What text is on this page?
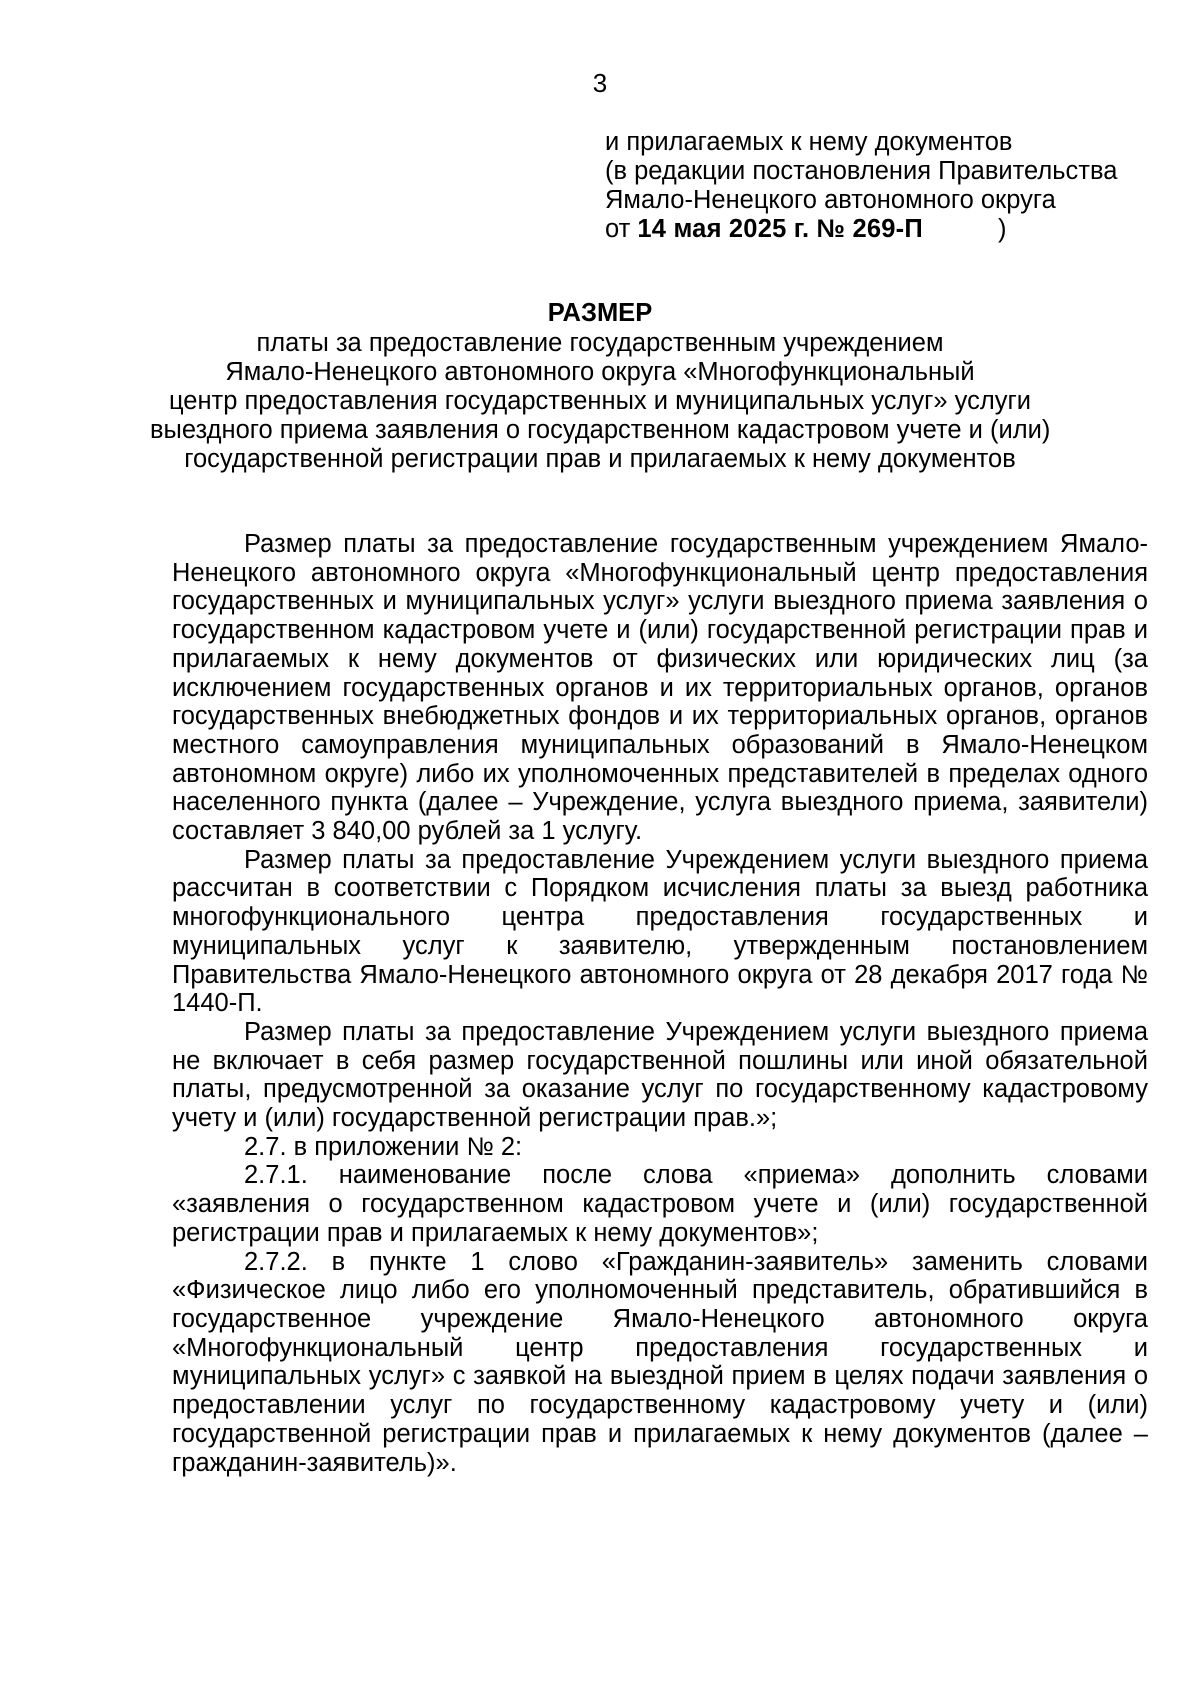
3
и прилагаемых к нему документов
(в редакции постановления Правительства
Ямало-Ненецкого автономного округа
от 14 мая 2025 г. № 269-П	)
РАЗМЕР
платы за предоставление государственным учреждением
Ямало-Ненецкого автономного округа «Многофункциональный
центр предоставления государственных и муниципальных услуг» услуги
выездного приема заявления о государственном кадастровом учете и (или)
государственной регистрации прав и прилагаемых к нему документов

Размер платы за предоставление государственным учреждением Ямало-Ненецкого автономного округа «Многофункциональный центр предоставления государственных и муниципальных услуг» услуги выездного приема заявления о государственном кадастровом учете и (или) государственной регистрации прав и прилагаемых к нему документов от физических или юридических лиц (за исключением государственных органов и их территориальных органов, органов государственных внебюджетных фондов и их территориальных органов, органов местного самоуправления муниципальных образований в Ямало-Ненецком автономном округе) либо их уполномоченных представителей в пределах одного населенного пункта (далее – Учреждение, услуга выездного приема, заявители) составляет 3 840,00 рублей за 1 услугу.

Размер платы за предоставление Учреждением услуги выездного приема рассчитан в соответствии с Порядком исчисления платы за выезд работника многофункционального центра предоставления государственных и муниципальных услуг к заявителю, утвержденным постановлением Правительства Ямало-Ненецкого автономного округа от 28 декабря 2017 года № 1440-П.

Размер платы за предоставление Учреждением услуги выездного приема не включает в себя размер государственной пошлины или иной обязательной платы, предусмотренной за оказание услуг по государственному кадастровому учету и (или) государственной регистрации прав.»;

2.7. в приложении № 2:

2.7.1. наименование после слова «приема» дополнить словами «заявления о государственном кадастровом учете и (или) государственной регистрации прав и прилагаемых к нему документов»;

2.7.2. в пункте 1 слово «Гражданин-заявитель» заменить словами «Физическое лицо либо его уполномоченный представитель, обратившийся в государственное учреждение Ямало-Ненецкого автономного округа «Многофункциональный центр предоставления государственных и муниципальных услуг» с заявкой на выездной прием в целях подачи заявления о предоставлении услуг по государственному кадастровому учету и (или) государственной регистрации прав и прилагаемых к нему документов (далее – гражданин-заявитель)».
